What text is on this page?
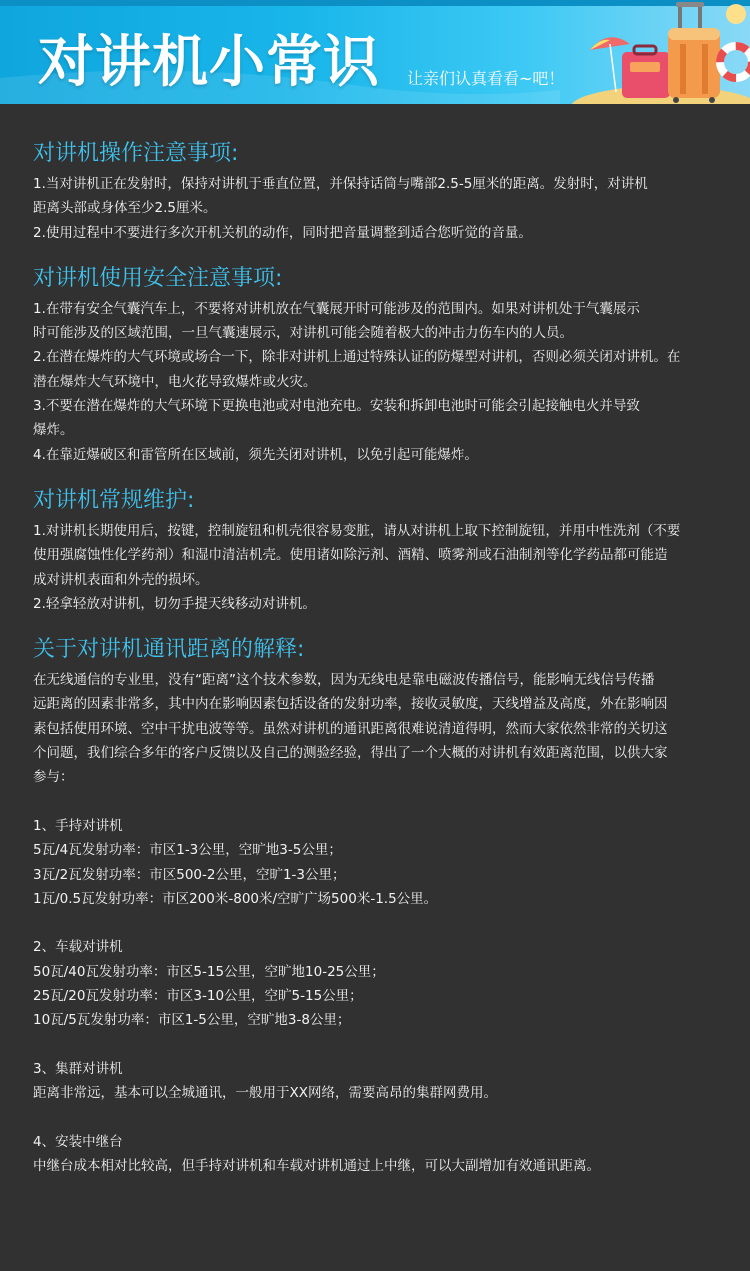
对讲机小常识 让亲们认真看看~吧！
对讲机操作注意事项:
1.当对讲机正在发射时，保持对讲机于垂直位置，并保持话筒与嘴部2.5-5厘米的距离。发射时，对讲机
距离头部或身体至少2.5厘米。
2.使用过程中不要进行多次开机关机的动作，同时把音量调整到适合您听觉的音量。
对讲机使用安全注意事项:
1.在带有安全气囊汽车上，不要将对讲机放在气囊展开时可能涉及的范围内。如果对讲机处于气囊展示
时可能涉及的区域范围，一旦气囊速展示，对讲机可能会随着极大的冲击力伤车内的人员。
2.在潜在爆炸的大气环境或场合一下，除非对讲机上通过特殊认证的防爆型对讲机，否则必须关闭对讲机。在
潜在爆炸大气环境中，电火花导致爆炸或火灾。
3.不要在潜在爆炸的大气环境下更换电池或对电池充电。安装和拆卸电池时可能会引起接触电火并导致
爆炸。
4.在靠近爆破区和雷管所在区域前，须先关闭对讲机，以免引起可能爆炸。
对讲机常规维护:
1.对讲机长期使用后，按键，控制旋钮和机壳很容易变脏，请从对讲机上取下控制旋钮，并用中性洗剂（不要
使用强腐蚀性化学药剂）和湿巾清洁机壳。使用诸如除污剂、酒精、喷雾剂或石油制剂等化学药品都可能造
成对讲机表面和外壳的损坏。
2.轻拿轻放对讲机，切勿手提天线移动对讲机。
关于对讲机通讯距离的解释:
在无线通信的专业里，没有“距离”这个技术参数，因为无线电是靠电磁波传播信号，能影响无线信号传播
远距离的因素非常多，其中内在影响因素包括设备的发射功率，接收灵敏度，天线增益及高度，外在影响因
素包括使用环境、空中干扰电波等等。虽然对讲机的通讯距离很难说清道得明，然而大家依然非常的关切这
个问题，我们综合多年的客户反馈以及自己的测验经验，得出了一个大概的对讲机有效距离范围，以供大家
参与：
1、手持对讲机
5瓦/4瓦发射功率：市区1-3公里，空旷地3-5公里；
3瓦/2瓦发射功率：市区500-2公里，空旷1-3公里；
1瓦/0.5瓦发射功率：市区200米-800米/空旷广场500米-1.5公里。
2、车载对讲机
50瓦/40瓦发射功率：市区5-15公里，空旷地10-25公里；
25瓦/20瓦发射功率：市区3-10公里，空旷5-15公里；
10瓦/5瓦发射功率：市区1-5公里，空旷地3-8公里；
3、集群对讲机
距离非常远，基本可以全城通讯，一般用于XX网络，需要高昂的集群网费用。
4、安装中继台
中继台成本相对比较高，但手持对讲机和车载对讲机通过上中继，可以大副增加有效通讯距离。
